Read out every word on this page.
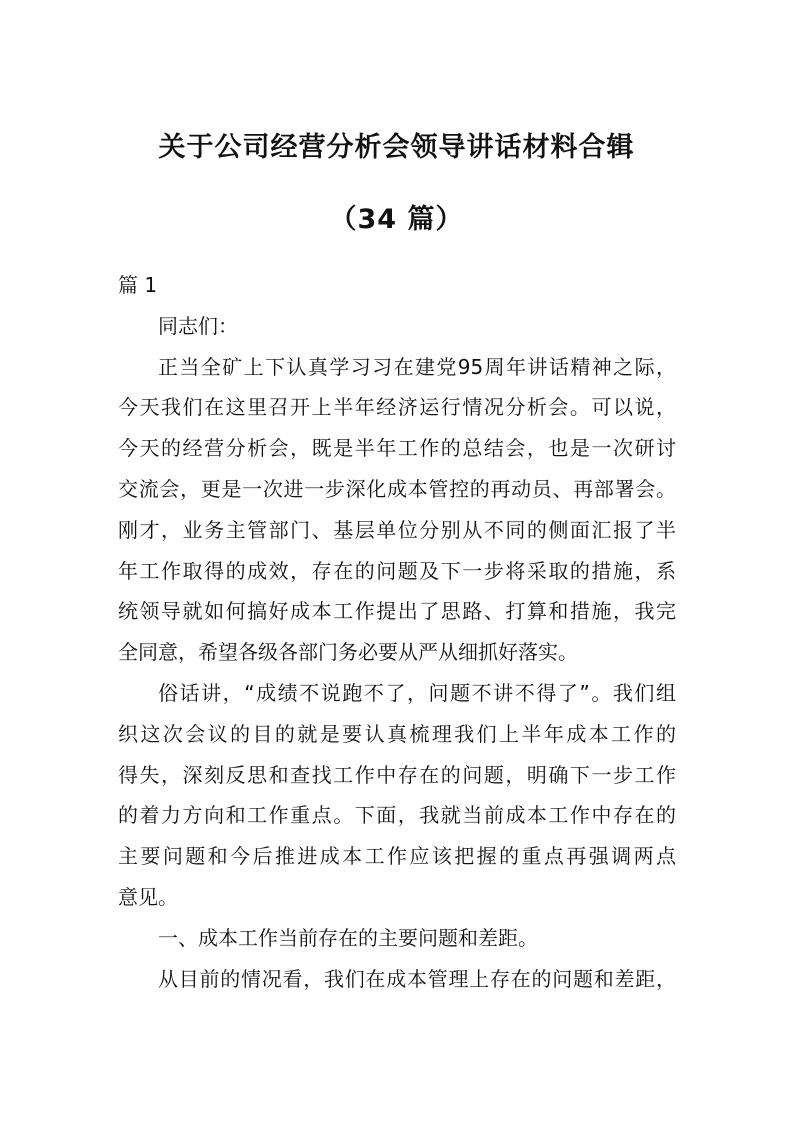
关于公司经营分析会领导讲话材料合辑
（34 篇）
篇 1
同志们：
正当全矿上下认真学习习在建党95周年讲话精神之际，
今天我们在这里召开上半年经济运行情况分析会。可以说，
今天的经营分析会，既是半年工作的总结会，也是一次研讨
交流会，更是一次进一步深化成本管控的再动员、再部署会。
刚才，业务主管部门、基层单位分别从不同的侧面汇报了半
年工作取得的成效，存在的问题及下一步将采取的措施，系
统领导就如何搞好成本工作提出了思路、打算和措施，我完
全同意，希望各级各部门务必要从严从细抓好落实。
俗话讲，“成绩不说跑不了，问题不讲不得了”。我们组
织这次会议的目的就是要认真梳理我们上半年成本工作的
得失，深刻反思和查找工作中存在的问题，明确下一步工作
的着力方向和工作重点。下面，我就当前成本工作中存在的
主要问题和今后推进成本工作应该把握的重点再强调两点
意见。
一、成本工作当前存在的主要问题和差距。
从目前的情况看，我们在成本管理上存在的问题和差距，
